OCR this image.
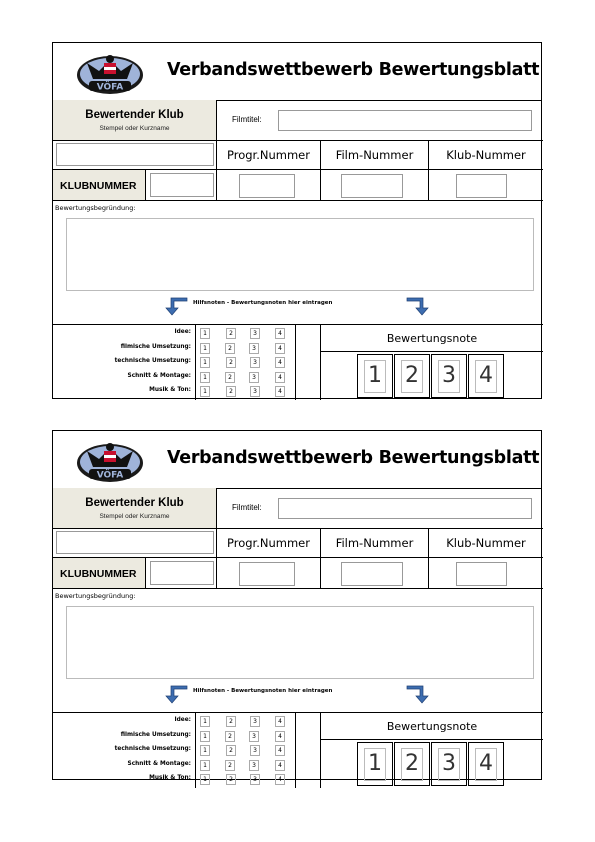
VÖFA
Verbandswettbewerb Bewertungsblatt
Bewertender Klub
Stempel oder Kurzname
Filmtitel:
Progr.Nummer	Film-Nummer	Klub-Nummer
KLUBNUMMER
Bewertungsbegründung:
Hilfsnoten - Bewertungsnoten hier eintragen
Idee:	1	2	3	4
filmische Umsetzung:	1	2	3	4
technische Umsetzung:	1	2	3	4
Schnitt & Montage:	1	2	3	4
Musik & Ton:	1	2	3	4
Bewertungsnote
1 2 3 4
VÖFA
Verbandswettbewerb Bewertungsblatt
Bewertender Klub
Stempel oder Kurzname
Filmtitel:
Progr.Nummer	Film-Nummer	Klub-Nummer
KLUBNUMMER
Bewertungsbegründung:
Hilfsnoten - Bewertungsnoten hier eintragen
Idee:	1	2	3	4
filmische Umsetzung:	1	2	3	4
technische Umsetzung:	1	2	3	4
Schnitt & Montage:	1	2	3	4
Musik & Ton:	1	2	3	4
Bewertungsnote
1 2 3 4
